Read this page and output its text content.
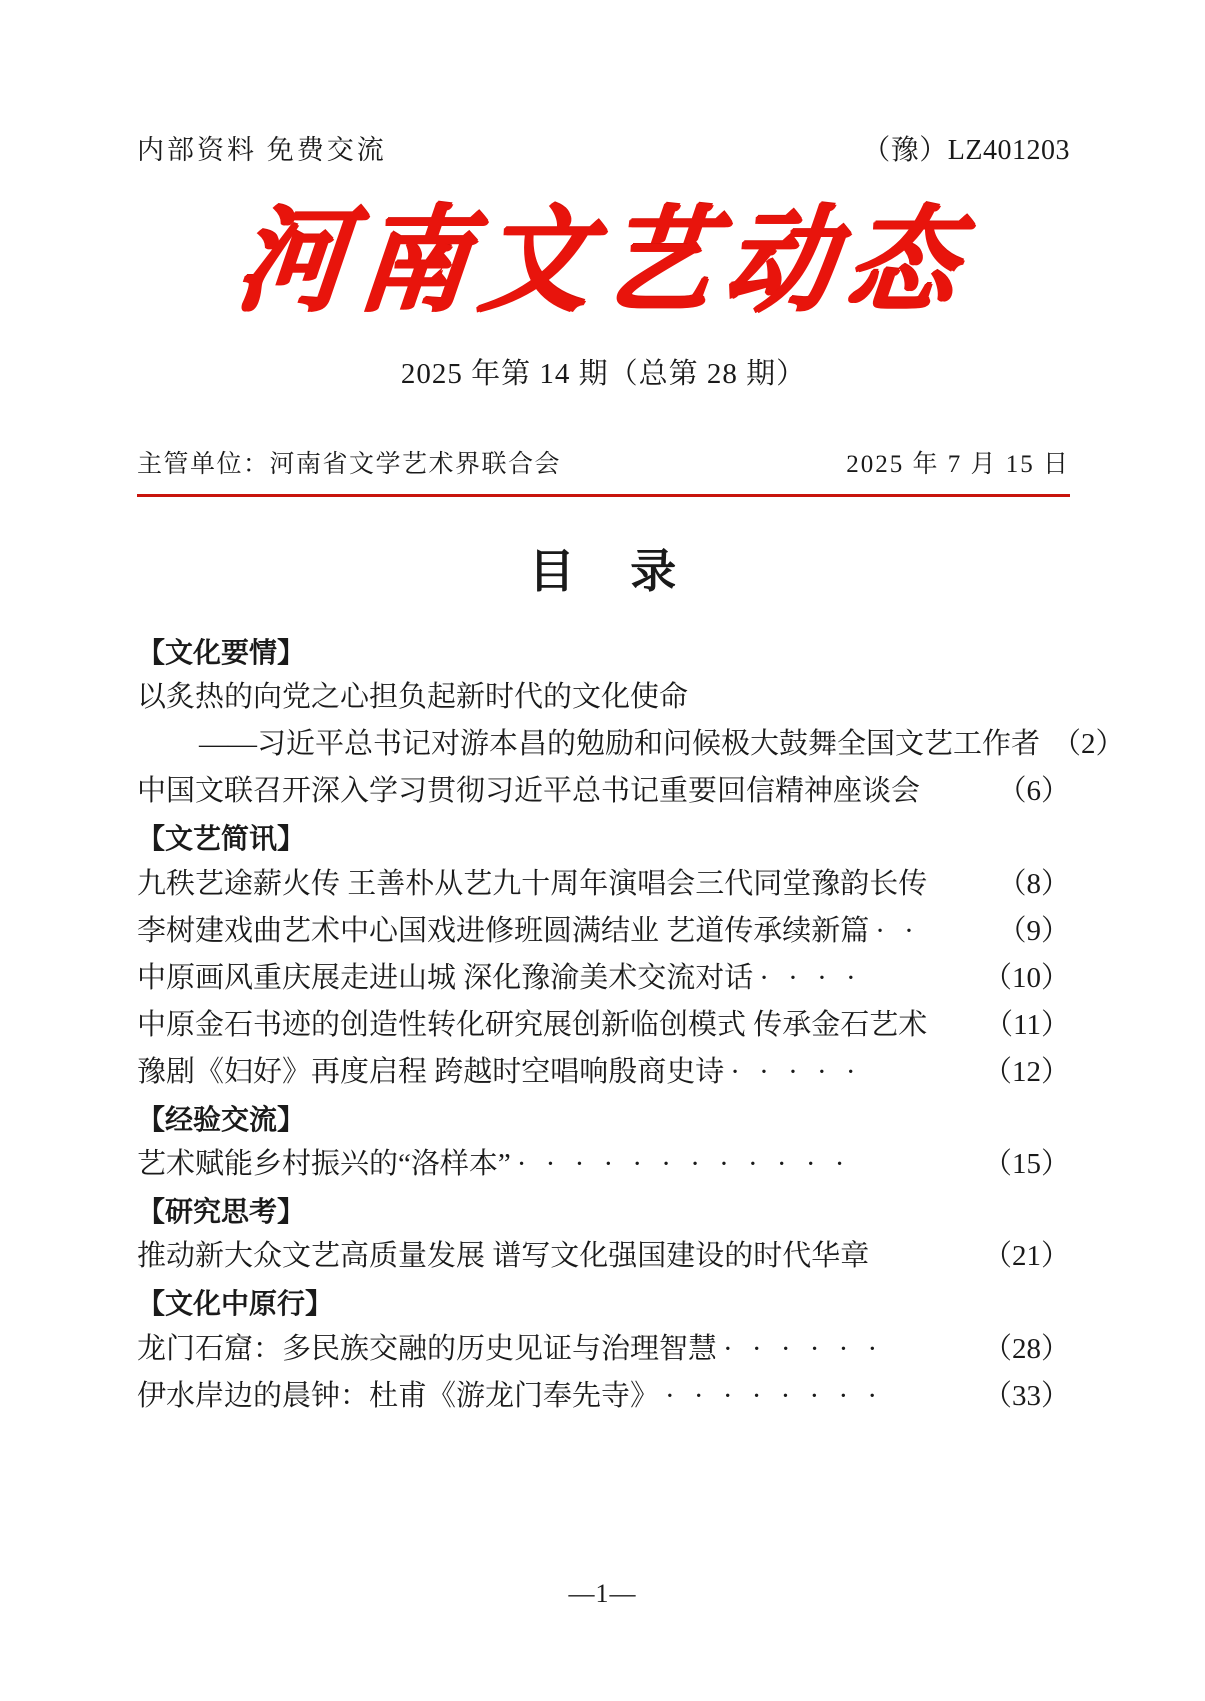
内部资料 免费交流	（豫）LZ401203
河南文艺动态
2025 年第 14 期（总第 28 期）
主管单位：河南省文学艺术界联合会	2025 年 7 月 15 日
目 录
【文化要情】
以炙热的向党之心担负起新时代的文化使命
——习近平总书记对游本昌的勉励和问候极大鼓舞全国文艺工作者 （2）
中国文联召开深入学习贯彻习近平总书记重要回信精神座谈会	（6）
【文艺简讯】
九秩艺途薪火传 王善朴从艺九十周年演唱会三代同堂豫韵长传 （8）
李树建戏曲艺术中心国戏进修班圆满结业 艺道传承续新篇 · ·	（9）
中原画风重庆展走进山城 深化豫渝美术交流对话 · · · ·	（10）
中原金石书迹的创造性转化研究展创新临创模式 传承金石艺术 （11）
豫剧《妇好》再度启程 跨越时空唱响殷商史诗 · · · · ·	（12）
【经验交流】
艺术赋能乡村振兴的“洛样本” · · · · · · · · · · · ·	（15）
【研究思考】
推动新大众文艺高质量发展 谱写文化强国建设的时代华章	（21）
【文化中原行】
龙门石窟：多民族交融的历史见证与治理智慧 · · · · · ·	（28）
伊水岸边的晨钟：杜甫《游龙门奉先寺》 · · · · · · · ·	（33）
—1—
